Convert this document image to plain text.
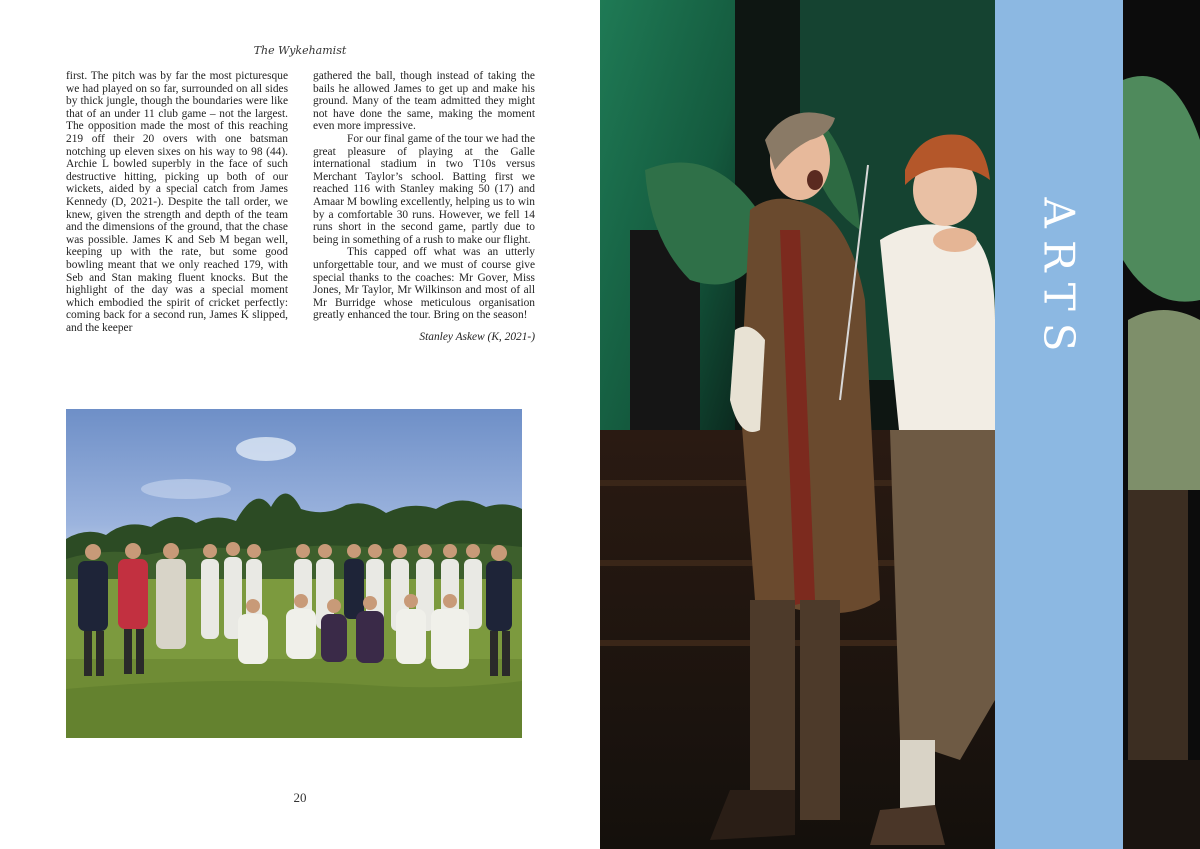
The Wykehamist

first. The pitch was by far the most picturesque we had played on so far, surrounded on all sides by thick jungle, though the boundaries were like that of an under 11 club game – not the largest. The opposition made the most of this reaching 219 off their 20 overs with one batsman notching up eleven sixes on his way to 98 (44). Archie L bowled superbly in the face of such destructive hitting, picking up both of our wickets, aided by a special catch from James Kennedy (D, 2021-). Despite the tall order, we knew, given the strength and depth of the team and the dimensions of the ground, that the chase was possible. James K and Seb M began well, keeping up with the rate, but some good bowling meant that we only reached 179, with Seb and Stan making fluent knocks. But the highlight of the day was a special moment which embodied the spirit of cricket perfectly: coming back for a second run, James K slipped, and the keeper

gathered the ball, though instead of taking the bails he allowed James to get up and make his ground. Many of the team admitted they might not have done the same, making the moment even more impressive.

For our final game of the tour we had the great pleasure of playing at the Galle international stadium in two T10s versus Merchant Taylor’s school. Batting first we reached 116 with Stanley making 50 (17) and Amaar M bowling excellently, helping us to win by a comfortable 30 runs. However, we fell 14 runs short in the second game, partly due to being in something of a rush to make our flight.

This capped off what was an utterly unforgettable tour, and we must of course give special thanks to the coaches: Mr Gover, Miss Jones, Mr Taylor, Mr Wilkinson and most of all Mr Burridge whose meticulous organisation greatly enhanced the tour. Bring on the season!

Stanley Askew (K, 2021-)

20
ARTS
